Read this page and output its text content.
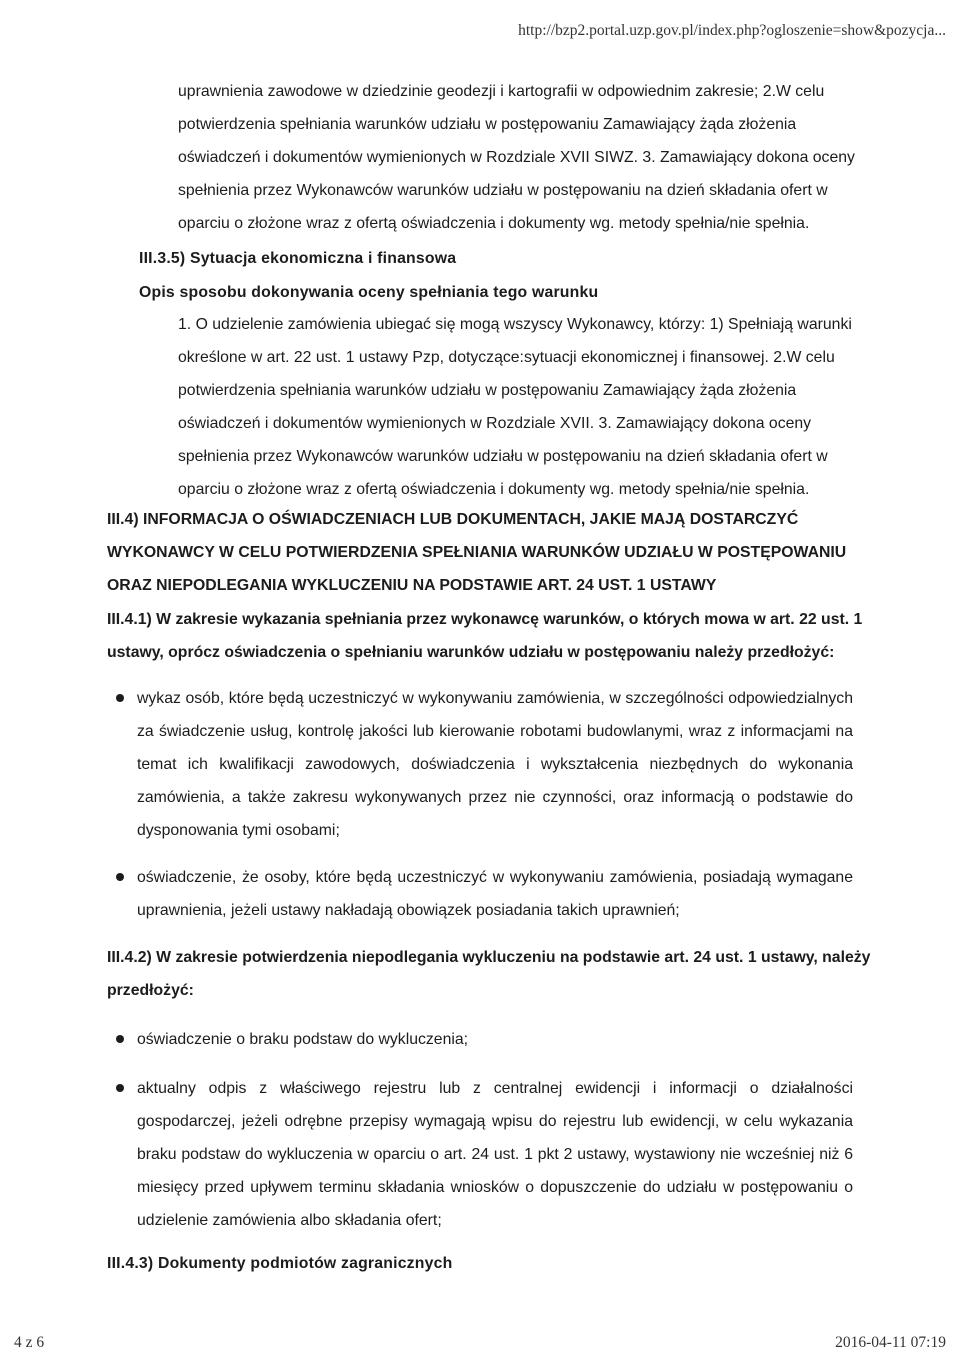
http://bzp2.portal.uzp.gov.pl/index.php?ogloszenie=show&pozycja...

uprawnienia zawodowe w dziedzinie geodezji i kartografii w odpowiednim zakresie; 2.W celu potwierdzenia spełniania warunków udziału w postępowaniu Zamawiający żąda złożenia oświadczeń i dokumentów wymienionych w Rozdziale XVII SIWZ. 3. Zamawiający dokona oceny spełnienia przez Wykonawców warunków udziału w postępowaniu na dzień składania ofert w oparciu o złożone wraz z ofertą oświadczenia i dokumenty wg. metody spełnia/nie spełnia.

III.3.5) Sytuacja ekonomiczna i finansowa

Opis sposobu dokonywania oceny spełniania tego warunku

1. O udzielenie zamówienia ubiegać się mogą wszyscy Wykonawcy, którzy: 1) Spełniają warunki określone w art. 22 ust. 1 ustawy Pzp, dotyczące:sytuacji ekonomicznej i finansowej. 2.W celu potwierdzenia spełniania warunków udziału w postępowaniu Zamawiający żąda złożenia oświadczeń i dokumentów wymienionych w Rozdziale XVII. 3. Zamawiający dokona oceny spełnienia przez Wykonawców warunków udziału w postępowaniu na dzień składania ofert w oparciu o złożone wraz z ofertą oświadczenia i dokumenty wg. metody spełnia/nie spełnia.

III.4) INFORMACJA O OŚWIADCZENIACH LUB DOKUMENTACH, JAKIE MAJĄ DOSTARCZYĆ WYKONAWCY W CELU POTWIERDZENIA SPEŁNIANIA WARUNKÓW UDZIAŁU W POSTĘPOWANIU ORAZ NIEPODLEGANIA WYKLUCZENIU NA PODSTAWIE ART. 24 UST. 1 USTAWY

III.4.1) W zakresie wykazania spełniania przez wykonawcę warunków, o których mowa w art. 22 ust. 1 ustawy, oprócz oświadczenia o spełnianiu warunków udziału w postępowaniu należy przedłożyć:

wykaz osób, które będą uczestniczyć w wykonywaniu zamówienia, w szczególności odpowiedzialnych za świadczenie usług, kontrolę jakości lub kierowanie robotami budowlanymi, wraz z informacjami na temat ich kwalifikacji zawodowych, doświadczenia i wykształcenia niezbędnych do wykonania zamówienia, a także zakresu wykonywanych przez nie czynności, oraz informacją o podstawie do dysponowania tymi osobami;

oświadczenie, że osoby, które będą uczestniczyć w wykonywaniu zamówienia, posiadają wymagane uprawnienia, jeżeli ustawy nakładają obowiązek posiadania takich uprawnień;

III.4.2) W zakresie potwierdzenia niepodlegania wykluczeniu na podstawie art. 24 ust. 1 ustawy, należy przedłożyć:

oświadczenie o braku podstaw do wykluczenia;

aktualny odpis z właściwego rejestru lub z centralnej ewidencji i informacji o działalności gospodarczej, jeżeli odrębne przepisy wymagają wpisu do rejestru lub ewidencji, w celu wykazania braku podstaw do wykluczenia w oparciu o art. 24 ust. 1 pkt 2 ustawy, wystawiony nie wcześniej niż 6 miesięcy przed upływem terminu składania wniosków o dopuszczenie do udziału w postępowaniu o udzielenie zamówienia albo składania ofert;

III.4.3) Dokumenty podmiotów zagranicznych

4 z 6	2016-04-11 07:19
